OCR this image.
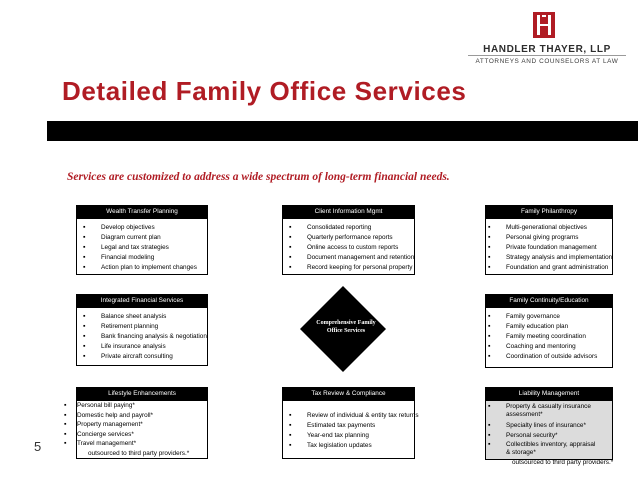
HANDLER THAYER, LLP
ATTORNEYS AND COUNSELORS AT LAW
Detailed Family Office Services
Services are customized to address a wide spectrum of long-term financial needs.
Wealth Transfer Planning
▪ Develop objectives
▪ Diagram current plan
▪ Legal and tax strategies
▪ Financial modeling
▪ Action plan to implement changes
Client Information Mgmt
▪ Consolidated reporting
▪ Quarterly performance reports
▪ Online access to custom reports
▪ Document management and retention
▪ Record keeping for personal property
Family Philanthropy
▪ Multi-generational objectives
▪ Personal giving programs
▪ Private foundation management
▪ Strategy analysis and implementation
▪ Foundation and grant administration
Integrated Financial Services
▪ Balance sheet analysis
▪ Retirement planning
▪ Bank financing analysis & negotiation
▪ Life insurance analysis
▪ Private aircraft consulting
Comprehensive Family
Office Services
Family Continuity/Education
▪ Family governance
▪ Family education plan
▪ Family meeting coordination
▪ Coaching and mentoring
▪ Coordination of outside advisors
Lifestyle Enhancements
▪ Personal bill paying*
▪ Domestic help and payroll*
▪ Property management*
▪ Concierge services*
▪ Travel management*
outsourced to third party providers.*
Tax Review & Compliance
▪ Review of individual & entity tax returns
▪ Estimated tax payments
▪ Year-end tax planning
▪ Tax legislation updates
Liability Management
▪ Property & casualty insurance assessment*
▪ Specialty lines of insurance*
▪ Personal security*
▪ Collectibles inventory, appraisal & storage*
outsourced to third party providers.*
5
